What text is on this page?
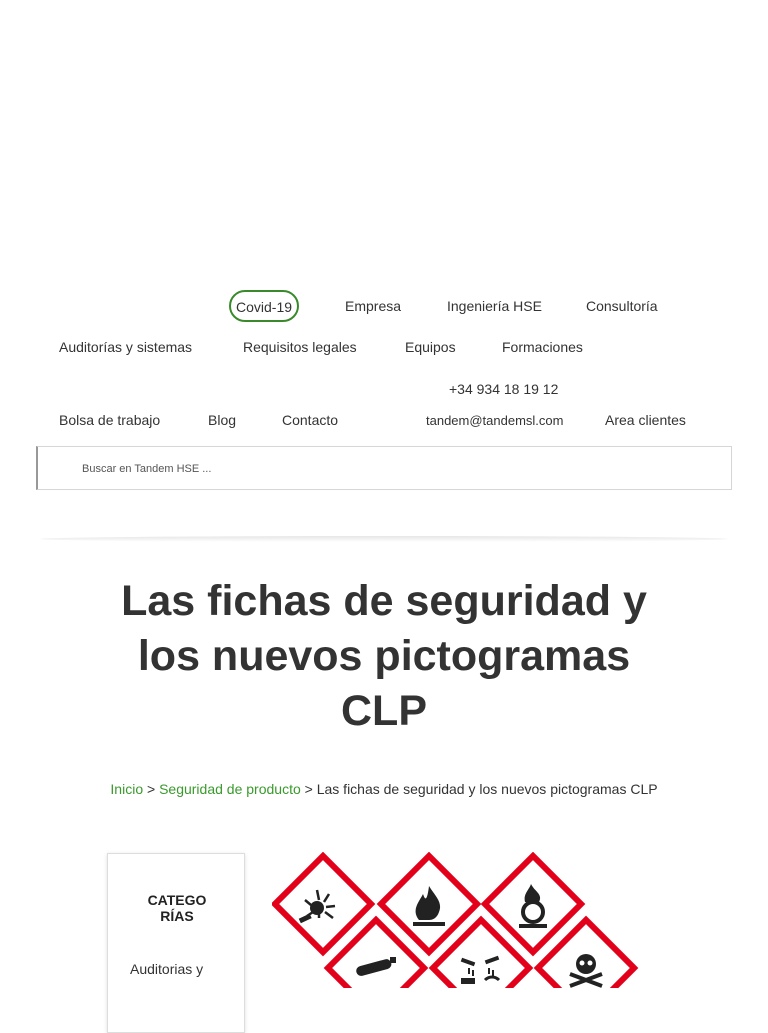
Covid-19	Empresa	Ingeniería HSE	Consultoría
Auditorías y sistemas	Requisitos legales	Equipos	Formaciones
+34 934 18 19 12
Bolsa de trabajo	Blog	Contacto	tandem@tandemsl.com	Area clientes
Buscar en Tandem HSE ...
Las fichas de seguridad y
los nuevos pictogramas
CLP
Inicio > Seguridad de producto > Las fichas de seguridad y los nuevos pictogramas CLP
CATEGO
RÍAS
Auditorias y
